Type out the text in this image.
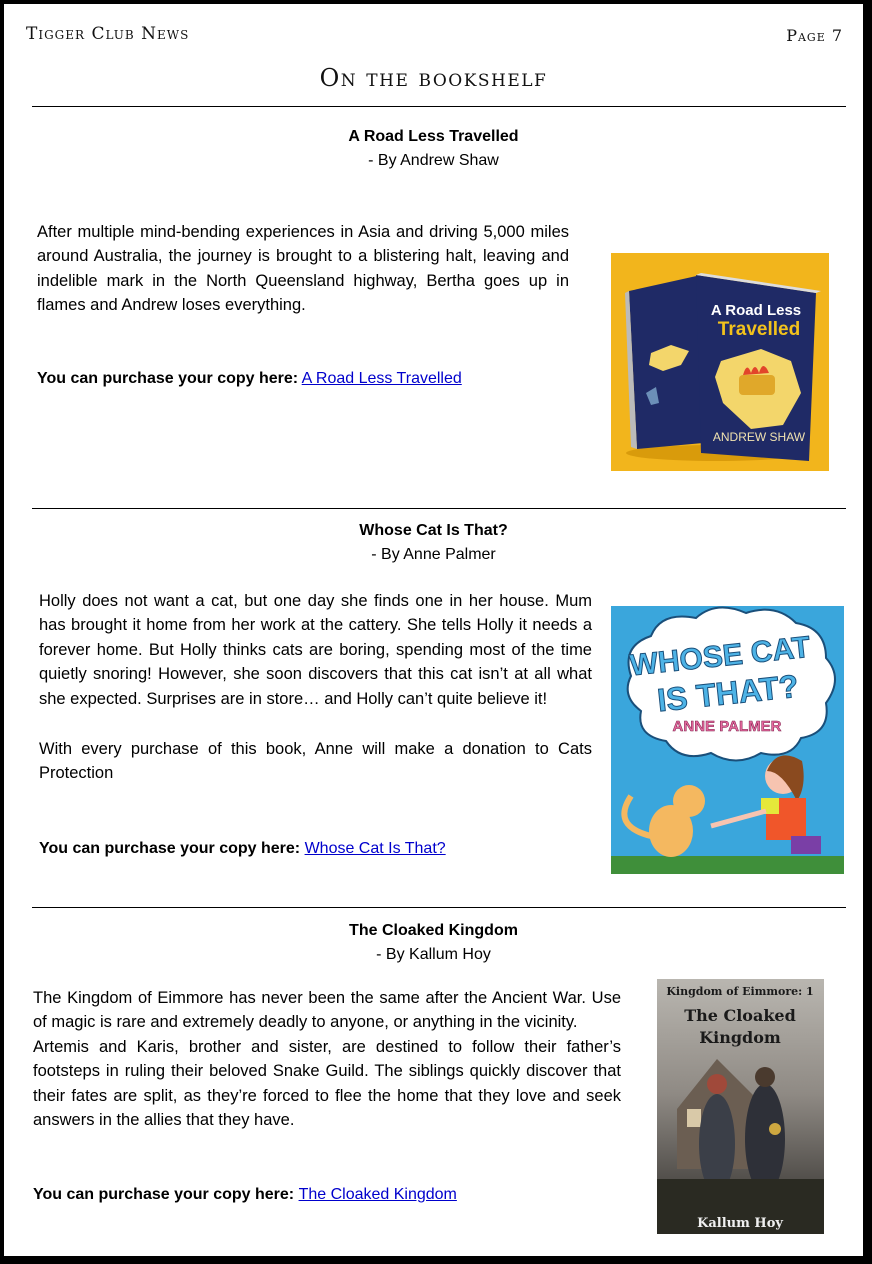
Tigger Club News	Page 7
On the bookshelf
A Road Less Travelled
- By Andrew Shaw

After multiple mind-bending experiences in Asia and driving 5,000 miles around Australia, the journey is brought to a blistering halt, leaving and indelible mark in the North Queensland highway, Bertha goes up in flames and Andrew loses everything.

You can purchase your copy here: A Road Less Travelled
A Road Less
Travelled
ANDREW SHAW
Whose Cat Is That?
- By Anne Palmer

Holly does not want a cat, but one day she finds one in her house. Mum has brought it home from her work at the cattery. She tells Holly it needs a forever home. But Holly thinks cats are boring, spending most of the time quietly snoring! However, she soon discovers that this cat isn’t at all what she expected. Surprises are in store… and Holly can’t quite believe it!

With every purchase of this book, Anne will make a donation to Cats Protection

You can purchase your copy here: Whose Cat Is That?
WHOSE CAT
IS THAT?
ANNE PALMER
The Cloaked Kingdom
- By Kallum Hoy

The Kingdom of Eimmore has never been the same after the Ancient War. Use of magic is rare and extremely deadly to anyone, or anything in the vicinity.

Artemis and Karis, brother and sister, are destined to follow their father’s footsteps in ruling their beloved Snake Guild. The siblings quickly discover that their fates are split, as they’re forced to flee the home that they love and seek answers in the allies that they have.

You can purchase your copy here: The Cloaked Kingdom
Kingdom of Eimmore: 1
The Cloaked
Kingdom
Kallum Hoy
